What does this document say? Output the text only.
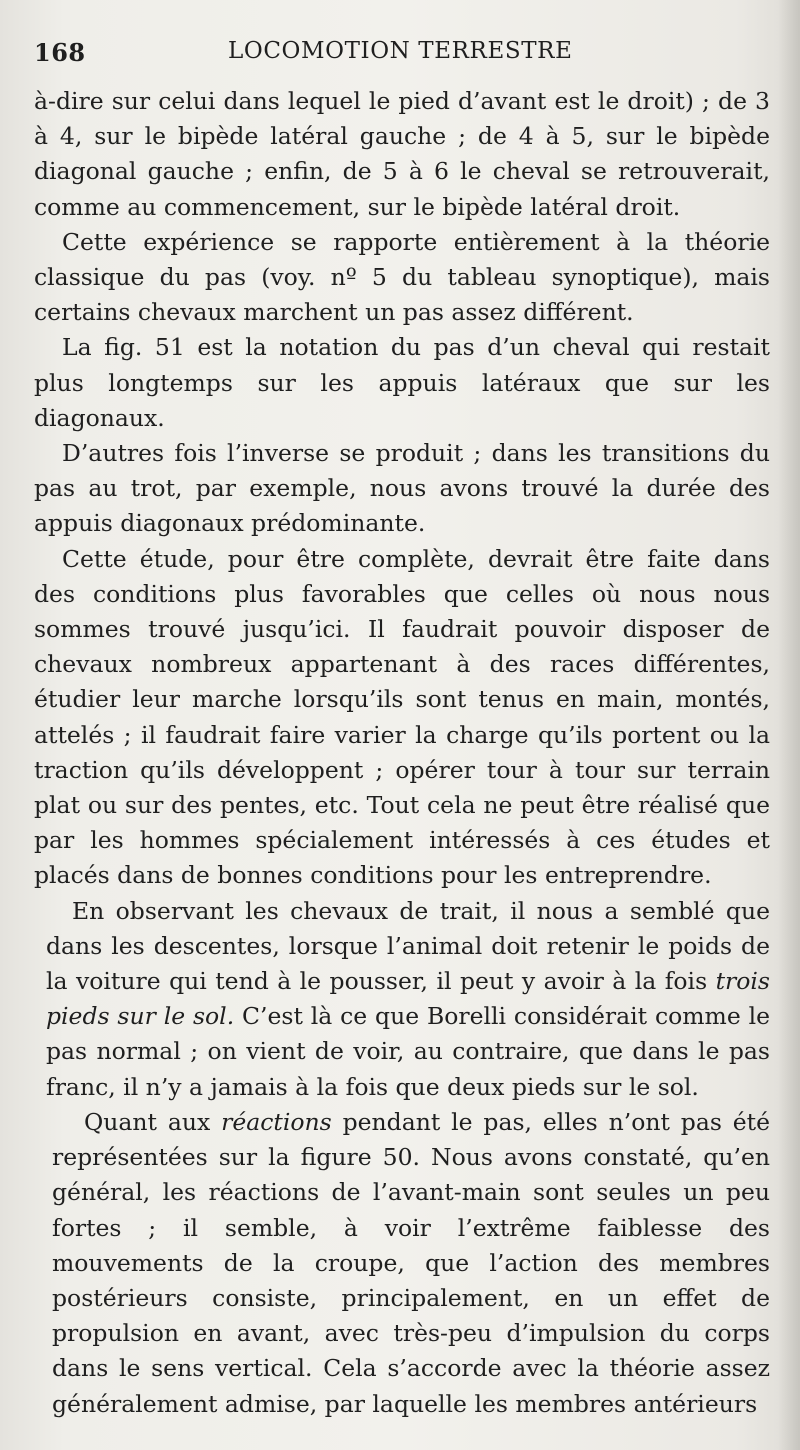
168	LOCOMOTION TERRESTRE

à-dire sur celui dans lequel le pied d’avant est le droit) ; de 3 à 4, sur le bipède latéral gauche ; de 4 à 5, sur le bipède diagonal gauche ; enfin, de 5 à 6 le cheval se retrouverait, comme au commencement, sur le bipède latéral droit.

Cette expérience se rapporte entièrement à la théorie classique du pas (voy. nº 5 du tableau synoptique), mais certains chevaux marchent un pas assez différent.

La fig. 51 est la notation du pas d’un cheval qui restait plus longtemps sur les appuis latéraux que sur les diagonaux.

D’autres fois l’inverse se produit ; dans les transitions du pas au trot, par exemple, nous avons trouvé la durée des appuis diagonaux prédominante.

Cette étude, pour être complète, devrait être faite dans des conditions plus favorables que celles où nous nous sommes trouvé jusqu’ici. Il faudrait pouvoir disposer de chevaux nombreux appartenant à des races différentes, étudier leur marche lorsqu’ils sont tenus en main, montés, attelés ; il faudrait faire varier la charge qu’ils portent ou la traction qu’ils développent ; opérer tour à tour sur terrain plat ou sur des pentes, etc. Tout cela ne peut être réalisé que par les hommes spécialement intéressés à ces études et placés dans de bonnes conditions pour les entreprendre.

En observant les chevaux de trait, il nous a semblé que dans les descentes, lorsque l’animal doit retenir le poids de la voiture qui tend à le pousser, il peut y avoir à la fois trois pieds sur le sol. C’est là ce que Borelli considérait comme le pas normal ; on vient de voir, au contraire, que dans le pas franc, il n’y a jamais à la fois que deux pieds sur le sol.

Quant aux réactions pendant le pas, elles n’ont pas été représentées sur la figure 50. Nous avons constaté, qu’en général, les réactions de l’avant-main sont seules un peu fortes ; il semble, à voir l’extrême faiblesse des mouvements de la croupe, que l’action des membres postérieurs consiste, principalement, en un effet de propulsion en avant, avec très-peu d’impulsion du corps dans le sens vertical. Cela s’accorde avec la théorie assez généralement admise, par laquelle les membres antérieurs
